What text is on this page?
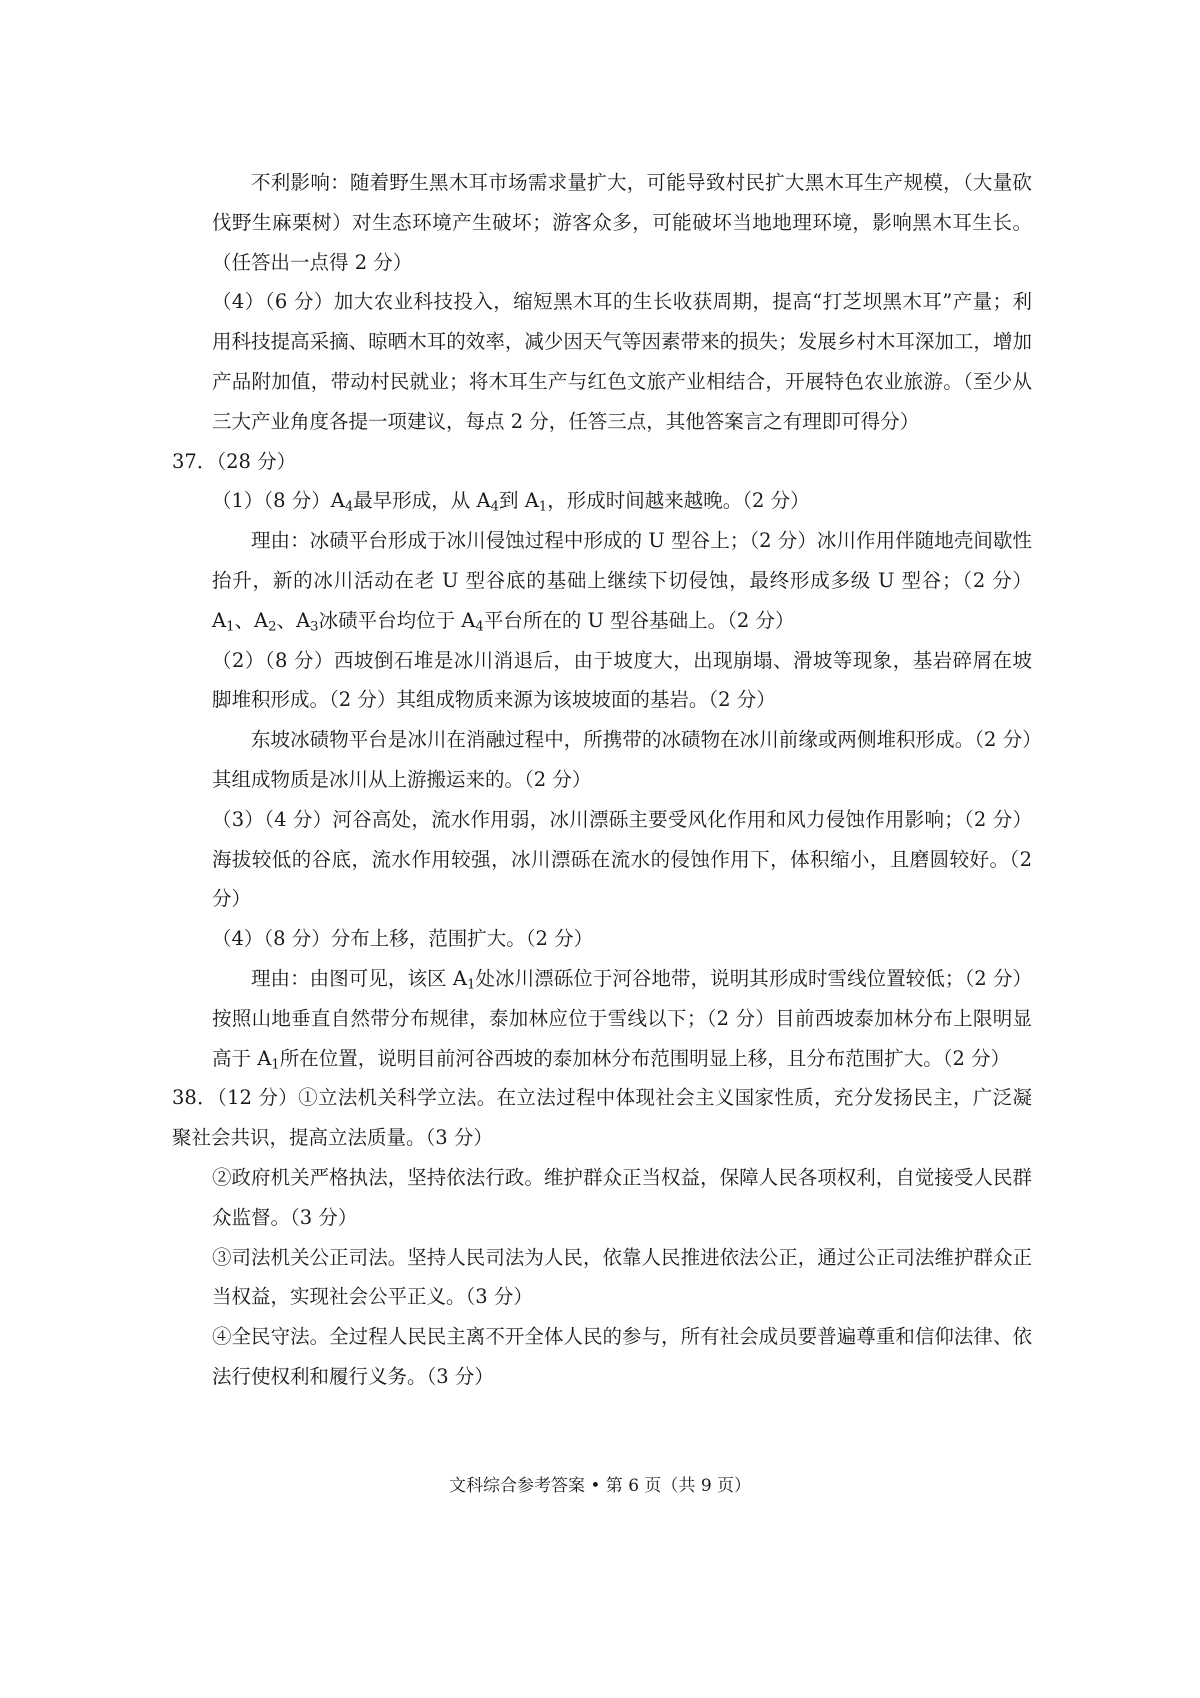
不利影响：随着野生黑木耳市场需求量扩大，可能导致村民扩大黑木耳生产规模，（大量砍伐野生麻栗树）对生态环境产生破坏；游客众多，可能破坏当地地理环境，影响黑木耳生长。（任答出一点得 2 分）

（4）（6 分）加大农业科技投入，缩短黑木耳的生长收获周期，提高“打芝坝黑木耳”产量；利用科技提高采摘、晾晒木耳的效率，减少因天气等因素带来的损失；发展乡村木耳深加工，增加产品附加值，带动村民就业；将木耳生产与红色文旅产业相结合，开展特色农业旅游。（至少从三大产业角度各提一项建议，每点 2 分，任答三点，其他答案言之有理即可得分）

37．（28 分）

（1）（8 分）$A_4$最早形成，从 $A_4$到 $A_1$，形成时间越来越晚。（2 分）

理由：冰碛平台形成于冰川侵蚀过程中形成的 U 型谷上；（2 分）冰川作用伴随地壳间歇性抬升，新的冰川活动在老 U 型谷底的基础上继续下切侵蚀，最终形成多级 U 型谷；（2 分）$A_1$、$A_2$、$A_3$冰碛平台均位于 $A_4$平台所在的 U 型谷基础上。（2 分）

（2）（8 分）西坡倒石堆是冰川消退后，由于坡度大，出现崩塌、滑坡等现象，基岩碎屑在坡脚堆积形成。（2 分）其组成物质来源为该坡坡面的基岩。（2 分）

东坡冰碛物平台是冰川在消融过程中，所携带的冰碛物在冰川前缘或两侧堆积形成。（2 分）其组成物质是冰川从上游搬运来的。（2 分）

（3）（4 分）河谷高处，流水作用弱，冰川漂砾主要受风化作用和风力侵蚀作用影响；（2 分）海拔较低的谷底，流水作用较强，冰川漂砾在流水的侵蚀作用下，体积缩小，且磨圆较好。（2 分）

（4）（8 分）分布上移，范围扩大。（2 分）

理由：由图可见，该区 $A_1$处冰川漂砾位于河谷地带，说明其形成时雪线位置较低；（2 分）按照山地垂直自然带分布规律，泰加林应位于雪线以下；（2 分）目前西坡泰加林分布上限明显高于 $A_1$所在位置，说明目前河谷西坡的泰加林分布范围明显上移，且分布范围扩大。（2 分）

38．（12 分）①立法机关科学立法。在立法过程中体现社会主义国家性质，充分发扬民主，广泛凝聚社会共识，提高立法质量。（3 分）

②政府机关严格执法，坚持依法行政。维护群众正当权益，保障人民各项权利，自觉接受人民群众监督。（3 分）

③司法机关公正司法。坚持人民司法为人民，依靠人民推进依法公正，通过公正司法维护群众正当权益，实现社会公平正义。（3 分）

④全民守法。全过程人民民主离不开全体人民的参与，所有社会成员要普遍尊重和信仰法律、依法行使权利和履行义务。（3 分）

文科综合参考答案 • 第 6 页（共 9 页）
